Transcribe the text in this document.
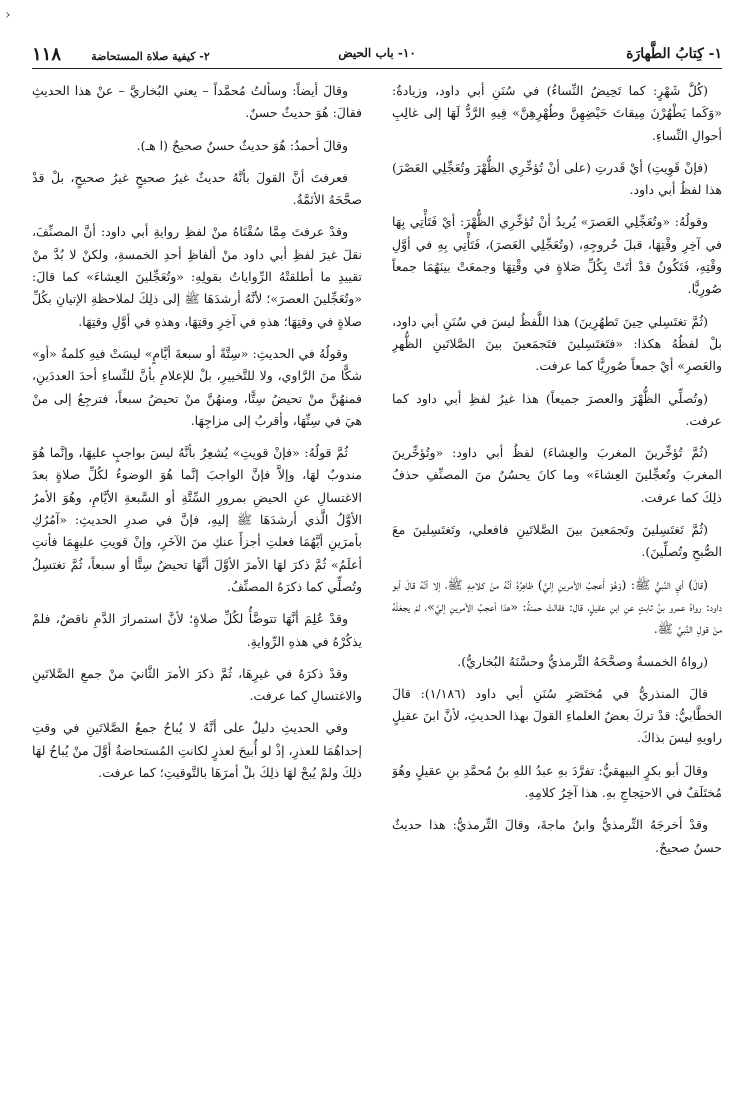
›
١- كِتابُ الطَّهارَة
١٠- باب الحيض
٢- كيفية صلاة المستحاضة ١١٨

(كُلَّ شَهْرٍ: كما تَحِيضُ النِّساءُ) في سُنَنِ أبي داود، وزيادةُ: «وَكَما يَطْهُرْنَ مِيقاتَ حَيْضِهِنَّ وطُهْرِهِنَّ» فِيهِ الرَّدُّ لَهَا إلى غالِبِ أحوالِ النِّساءِ.

(فإنْ قَوِيتِ) أيْ قَدرتِ (على أنْ تُؤخِّرِي الظُّهْرَ وتُعَجِّلِي العَصْرَ) هذا لفظُ أبي داود.

وقولُهُ: «وتُعَجِّلِي العَصرَ» يُريدُ أنْ تُؤخِّرِي الظُّهْرَ: أيْ فَتَأْتِي بِهَا في آخِرِ وقْتِهَا، قبلَ خُروجِهِ، (وتُعَجِّلِي العَصرَ)، فَتَأْتِي بِهِ في أوَّلِ وقْتِهِ، فَتَكُونُ قدْ أتَتْ بِكُلِّ صَلاةٍ في وقْتِهَا وجمعَتْ بينَهُمَا جمعاً صُورِيًّا.

(ثُمَّ تغتَسِلي حِينَ تَطهُرِينَ) هذا اللَّفظُ ليسَ في سُنَنِ أبي داود، بلْ لفظُهُ هكذا: «فتَغتَسِلينَ فتَجمَعينَ بينَ الصَّلاتَينِ الظُّهرِ والعَصرِ» أيْ جمعاً صُورِيًّا كما عرفت.

(وتُصلِّي الظُّهْرَ والعصرَ جميعاً) هذا غيرُ لفظِ أبي داود كما عرفت.

(ثُمَّ تُؤخِّرينَ المغربَ والعِشاءَ) لفظُ أبي داود: «وتُؤخِّرينَ المغربَ وتُعجِّلينَ العِشاءَ» وما كانَ يحسُنُ منَ المصنِّفِ حذفُ ذلِكَ كما عرفت.

(ثُمَّ تَغتَسِلينَ وتَجمَعينَ بينَ الصَّلاتَينِ فافعلي، وتَغتَسِلينَ معَ الصُّبحِ وتُصلِّينَ).

(قالَ) أيِ النَّبيُّ ﷺ: (وَهُوَ أَعجبُ الأمرينِ إليَّ) ظاهِرُهُ أنَّهُ منْ كلامِهِ ﷺ، إلا أنَّهُ قالَ أبو داود: رواهُ عمرو بنُ ثابتٍ عنِ ابنِ عقيلٍ، قال: فقالتْ حمنةُ: «هذا أعجبُ الأمرينِ إليَّ»، لمْ يجعَلْهُ منْ قولِ النَّبيِّ ﷺ.

(رواهُ الخمسةُ وصحَّحَهُ التِّرمذيُّ وحسَّنَهُ البُخاريُّ).

قالَ المنذريُّ في مُختَصَرِ سُنَنِ أبي داود (١/١٨٦): قالَ الخطَّابيُّ: قدْ تركَ بعضُ العلماءِ القولَ بهذا الحديثِ، لأنَّ ابنَ عقيلٍ راويهِ ليسَ بذاكَ.

وقالَ أبو بكرٍ البيهقيُّ: تفرَّدَ بهِ عبدُ اللهِ بنُ مُحمَّدِ بنِ عقيلٍ وهُوَ مُختَلَفٌ في الاحتِجاجِ بهِ. هذا آخِرُ كلامِهِ.

وقدْ أخرجَهُ التِّرمذيُّ وابنُ ماجةَ، وقالَ التِّرمذيُّ: هذا حديثٌ حسنٌ صحيحٌ.

وقالَ أيضاً: وسألتُ مُحمَّداً – يعني البُخاريَّ – عنْ هذا الحديثِ فقالَ: هُوَ حديثٌ حسنٌ.

وقالَ أحمدُ: هُوَ حديثٌ حسنٌ صحيحٌ (ا هـ).

فعرفتَ أنَّ القولَ بأنَّهُ حديثٌ غيرُ صحيحٍ غيرُ صحيحٍ، بلْ قدْ صحَّحَهُ الأئمَّةُ.

وقدْ عرفتَ مِمَّا سُقْنَاهُ منْ لفظِ روايةِ أبي داود: أنَّ المصنِّفَ، نقلَ غيرَ لفظِ أبي داود منْ ألفاظِ أحدِ الخمسةِ، ولكنْ لا بُدَّ منْ تقييدِ ما أطلقتْهُ الرِّواياتُ بقولِهِ: «وتُعَجِّلينَ العِشاءَ» كما قالَ: «وتُعَجِّلينَ العصرَ»؛ لأنَّهُ أرشدَهَا ﷺ إلى ذلِكَ لملاحظةِ الإتيانِ بكُلِّ صلاةٍ في وقتِهَا؛ هذهِ في آخِرِ وقتِهَا، وهذهِ في أوَّلِ وقتِهَا.

وقولُهُ في الحديثِ: «سِتَّةً أو سبعةَ أيَّامٍ» ليسَتْ فيهِ كلمةُ «أو» شكًّا منَ الرَّاوي، ولا للتَّخييرِ، بلْ للإعلامِ بأنَّ للنِّساءِ أحدَ العددَينِ، فمنهُنَّ منْ تحيضُ سِتًّا، ومنهُنَّ منْ تحيضُ سبعاً، فترجِعُ إلى منْ هيَ في سِنِّهَا، وأقربُ إلى مزاجِهَا.

ثُمَّ قولُهُ: «فإنْ قويتِ» يُشعِرُ بأنَّهُ ليسَ بواجبٍ عليهَا، وإنَّما هُوَ مندوبٌ لهَا، وإلاَّ فإنَّ الواجبَ إنَّما هُوَ الوضوءُ لكُلِّ صلاةٍ بعدَ الاغتسالِ عنِ الحيضِ بمرورِ السِّتَّةِ أو السَّبعةِ الأيَّامِ، وهُوَ الأمرُ الأوَّلُ الَّذي أرشدَهَا ﷺ إليهِ، فإنَّ في صدرِ الحديثِ: «آمُرُكِ بأمرَينِ أيَّهُمَا فعلتِ أجزأَ عنكِ منَ الآخَرِ، وإنْ قويتِ عليهِمَا فأنتِ أعلَمُ» ثُمَّ ذكرَ لهَا الأمرَ الأوَّلَ أنَّهَا تحيضُ سِتًّا أو سبعاً، ثُمَّ تغتسِلُ وتُصلِّي كما ذكرَهُ المصنِّفُ.

وقدْ عُلِمَ أنَّهَا تتوضَّأُ لكُلِّ صلاةٍ؛ لأنَّ استمرارَ الدَّمِ ناقضٌ، فلمْ يذكُرْهُ في هذهِ الرِّوايةِ.

وقدْ ذكرَهُ في غيرِهَا، ثُمَّ ذكرَ الأمرَ الثَّانيَ منْ جمعِ الصَّلاتَينِ والاغتسالِ كما عرفت.

وفي الحديثِ دليلٌ على أنَّهُ لا يُباحُ جمعُ الصَّلاتَينِ في وقتِ إحداهُمَا للعذرِ، إذْ لو أُبيحَ لعذرٍ لكانتِ المُستحاضةُ أوَّلَ منْ يُباحُ لهَا ذلِكَ ولمْ يُبحْ لهَا ذلِكَ بلْ أمرَهَا بالتَّوقيتِ؛ كما عرفت.
